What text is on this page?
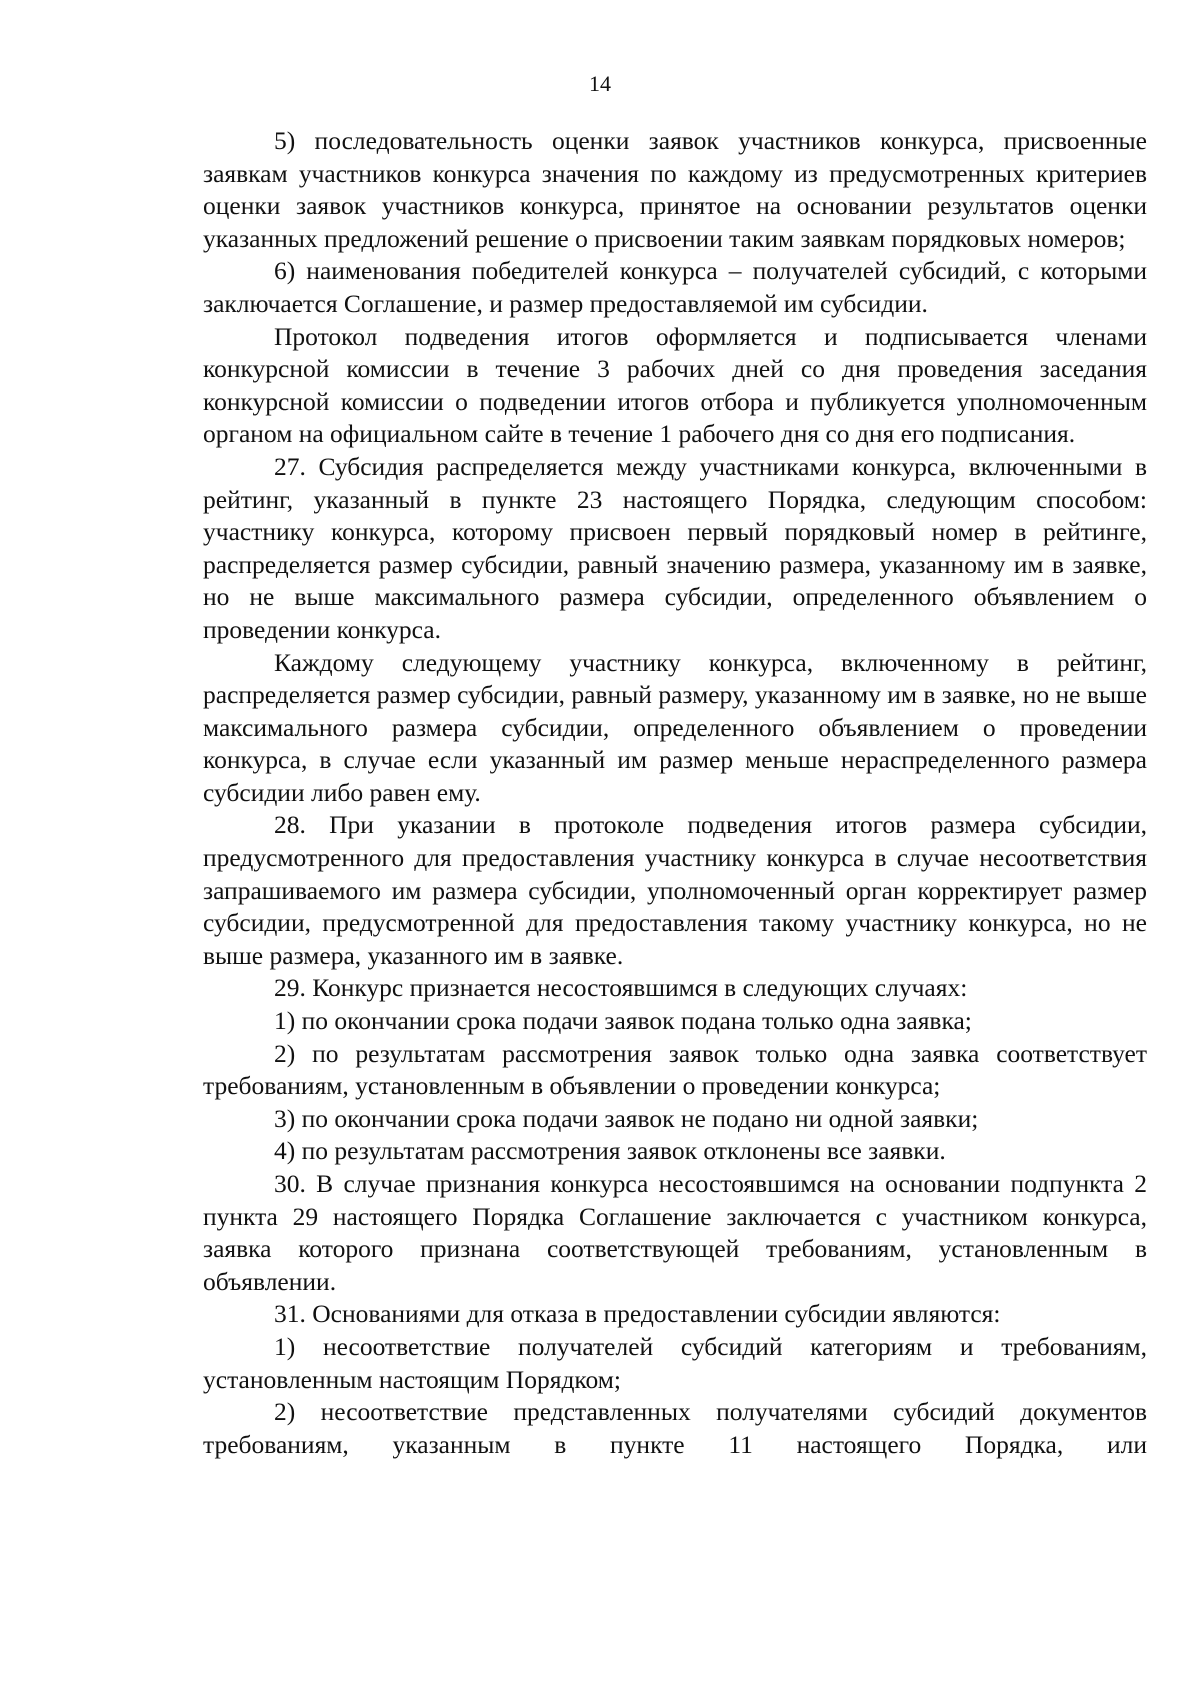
14

5) последовательность оценки заявок участников конкурса, присвоенные заявкам участников конкурса значения по каждому из предусмотренных критериев оценки заявок участников конкурса, принятое на основании результатов оценки указанных предложений решение о присвоении таким заявкам порядковых номеров;

6) наименования победителей конкурса – получателей субсидий, с которыми заключается Соглашение, и размер предоставляемой им субсидии.

Протокол подведения итогов оформляется и подписывается членами конкурсной комиссии в течение 3 рабочих дней со дня проведения заседания конкурсной комиссии о подведении итогов отбора и публикуется уполномоченным органом на официальном сайте в течение 1 рабочего дня со дня его подписания.

27. Субсидия распределяется между участниками конкурса, включенными в рейтинг, указанный в пункте 23 настоящего Порядка, следующим способом: участнику конкурса, которому присвоен первый порядковый номер в рейтинге, распределяется размер субсидии, равный значению размера, указанному им в заявке, но не выше максимального размера субсидии, определенного объявлением о проведении конкурса.

Каждому следующему участнику конкурса, включенному в рейтинг, распределяется размер субсидии, равный размеру, указанному им в заявке, но не выше максимального размера субсидии, определенного объявлением о проведении конкурса, в случае если указанный им размер меньше нераспределенного размера субсидии либо равен ему.

28. При указании в протоколе подведения итогов размера субсидии, предусмотренного для предоставления участнику конкурса в случае несоответствия запрашиваемого им размера субсидии, уполномоченный орган корректирует размер субсидии, предусмотренной для предоставления такому участнику конкурса, но не выше размера, указанного им в заявке.

29. Конкурс признается несостоявшимся в следующих случаях:

1) по окончании срока подачи заявок подана только одна заявка;

2) по результатам рассмотрения заявок только одна заявка соответствует требованиям, установленным в объявлении о проведении конкурса;

3) по окончании срока подачи заявок не подано ни одной заявки;

4) по результатам рассмотрения заявок отклонены все заявки.

30. В случае признания конкурса несостоявшимся на основании подпункта 2 пункта 29 настоящего Порядка Соглашение заключается с участником конкурса, заявка которого признана соответствующей требованиям, установленным в объявлении.

31. Основаниями для отказа в предоставлении субсидии являются:

1) несоответствие получателей субсидий категориям и требованиям, установленным настоящим Порядком;

2) несоответствие представленных получателями субсидий документов требованиям, указанным в пункте 11 настоящего Порядка, или
